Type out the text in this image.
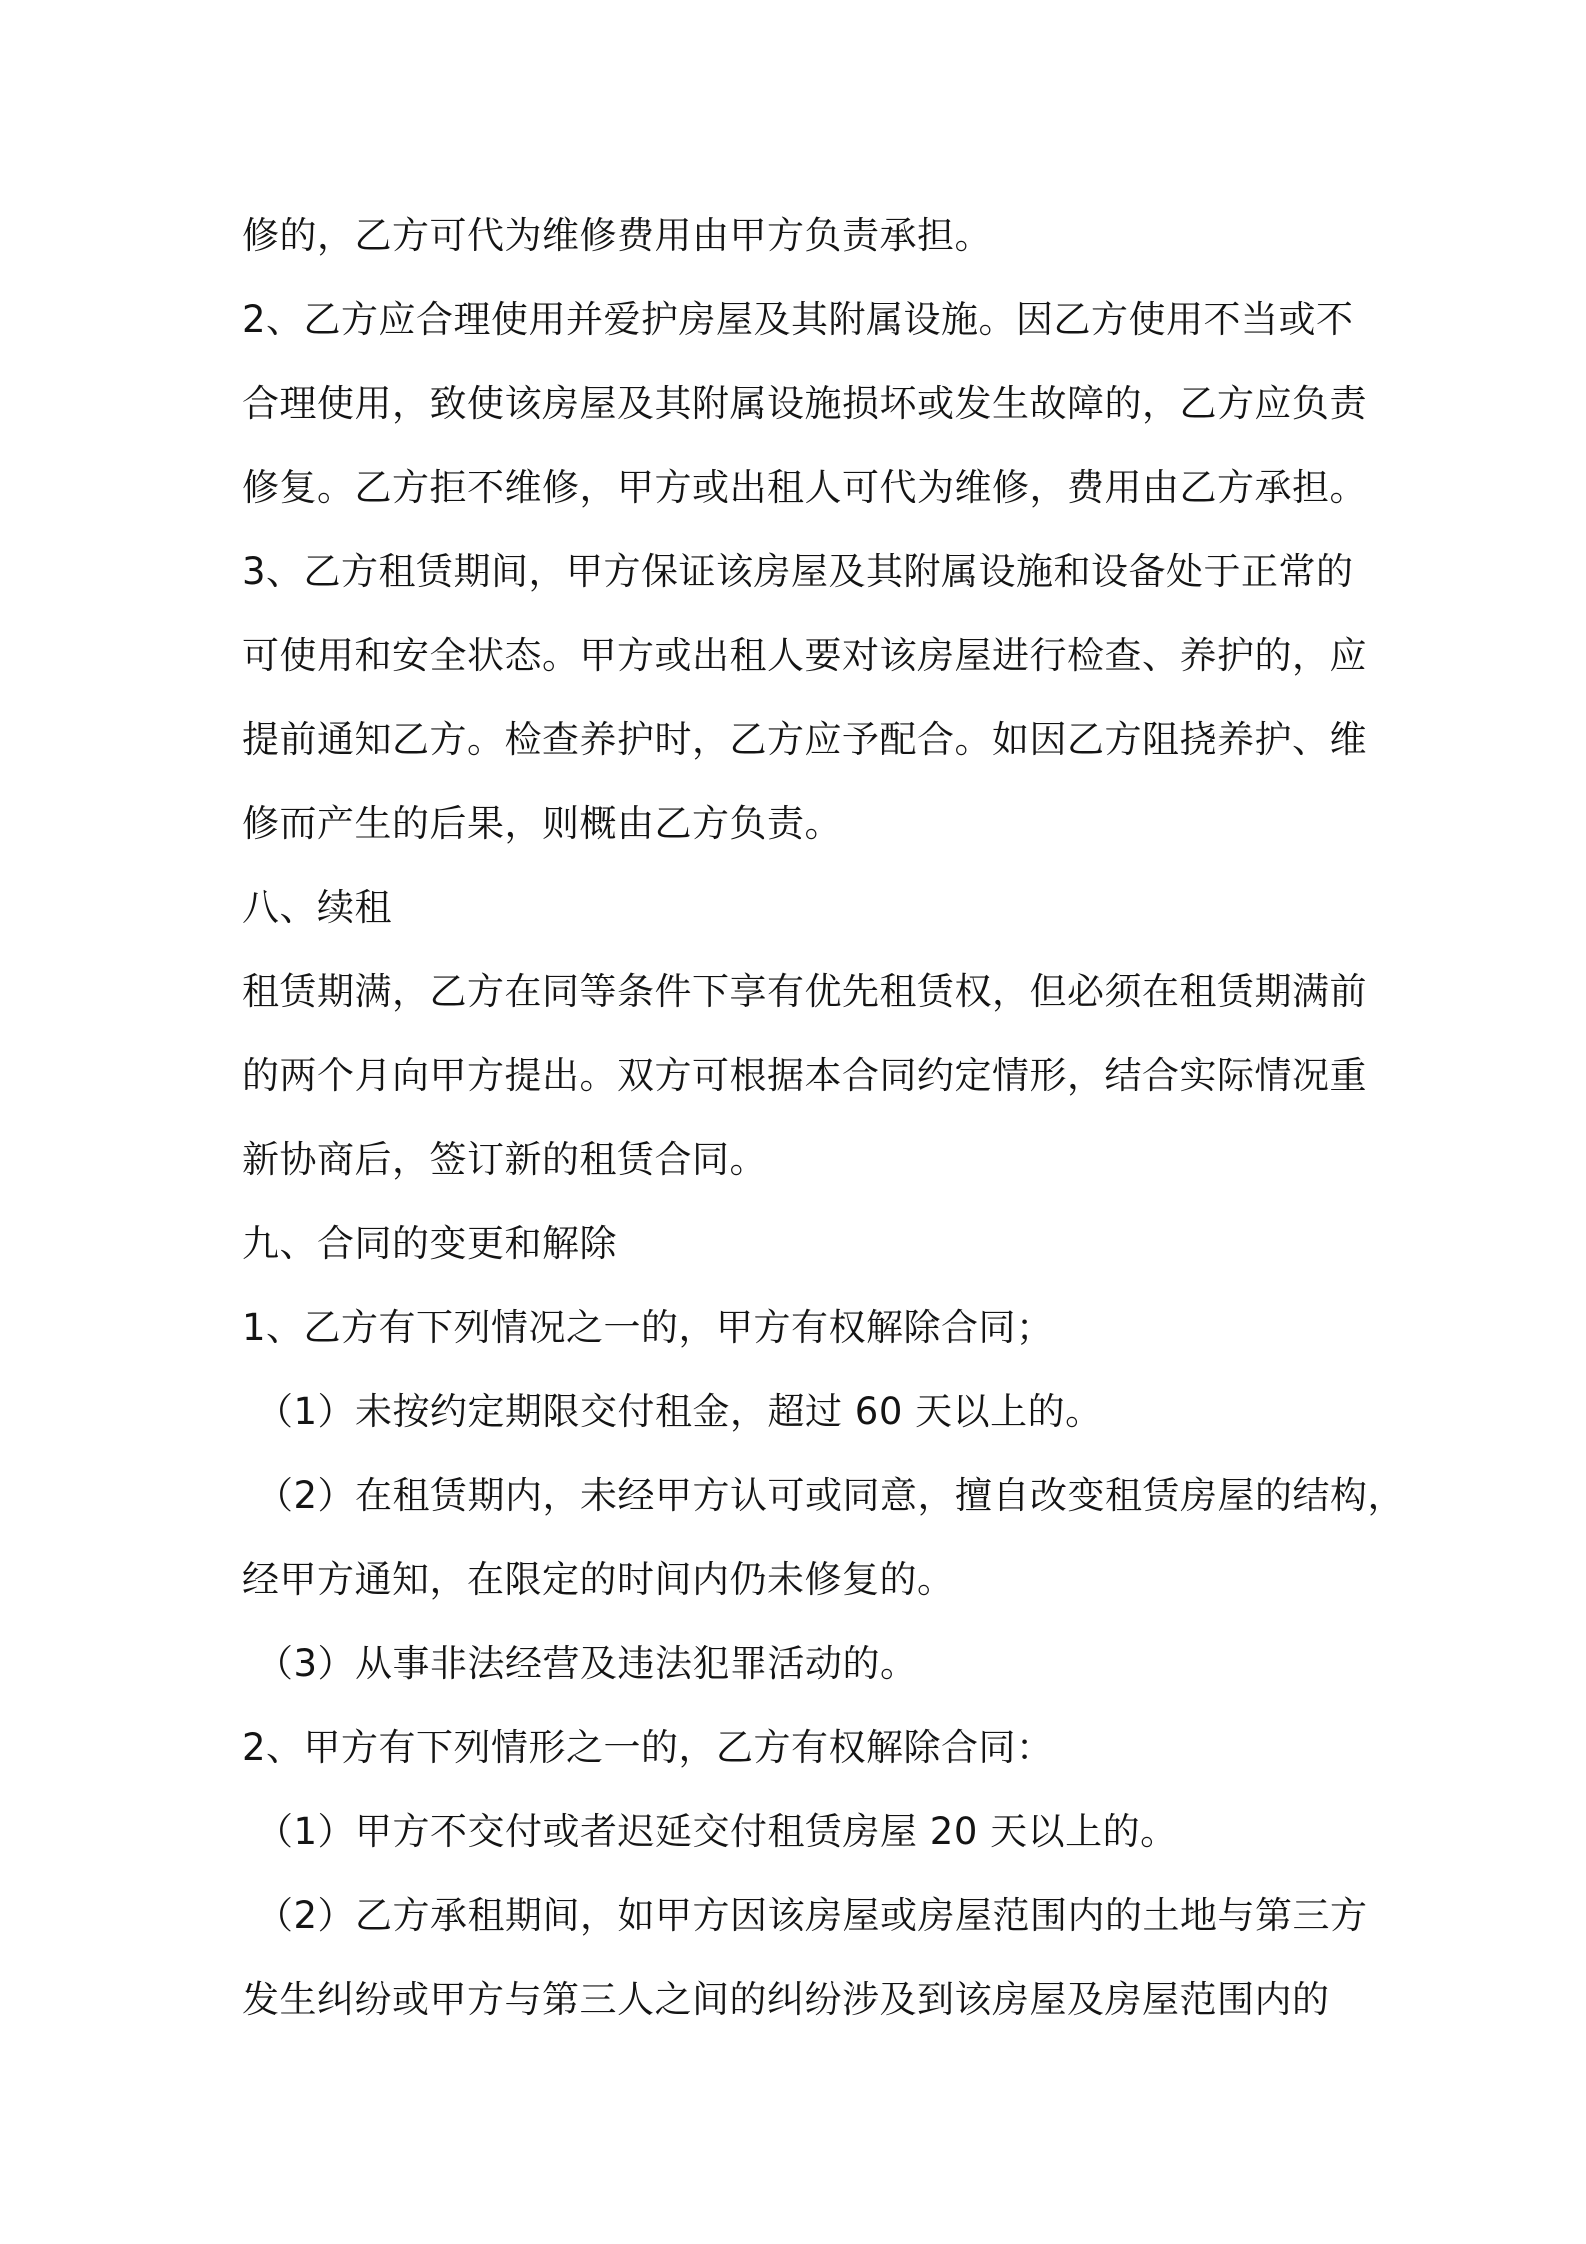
修的，乙方可代为维修费用由甲方负责承担。
2、乙方应合理使用并爱护房屋及其附属设施。因乙方使用不当或不
合理使用，致使该房屋及其附属设施损坏或发生故障的，乙方应负责
修复。乙方拒不维修，甲方或出租人可代为维修，费用由乙方承担。
3、乙方租赁期间，甲方保证该房屋及其附属设施和设备处于正常的
可使用和安全状态。甲方或出租人要对该房屋进行检查、养护的，应
提前通知乙方。检查养护时，乙方应予配合。如因乙方阻挠养护、维
修而产生的后果，则概由乙方负责。
八、续租
租赁期满，乙方在同等条件下享有优先租赁权，但必须在租赁期满前
的两个月向甲方提出。双方可根据本合同约定情形，结合实际情况重
新协商后，签订新的租赁合同。
九、合同的变更和解除
1、乙方有下列情况之一的，甲方有权解除合同；
（1）未按约定期限交付租金，超过 60 天以上的。
（2）在租赁期内，未经甲方认可或同意，擅自改变租赁房屋的结构，
经甲方通知，在限定的时间内仍未修复的。
（3）从事非法经营及违法犯罪活动的。
2、甲方有下列情形之一的，乙方有权解除合同：
（1）甲方不交付或者迟延交付租赁房屋 20 天以上的。
（2）乙方承租期间，如甲方因该房屋或房屋范围内的土地与第三方
发生纠纷或甲方与第三人之间的纠纷涉及到该房屋及房屋范围内的
